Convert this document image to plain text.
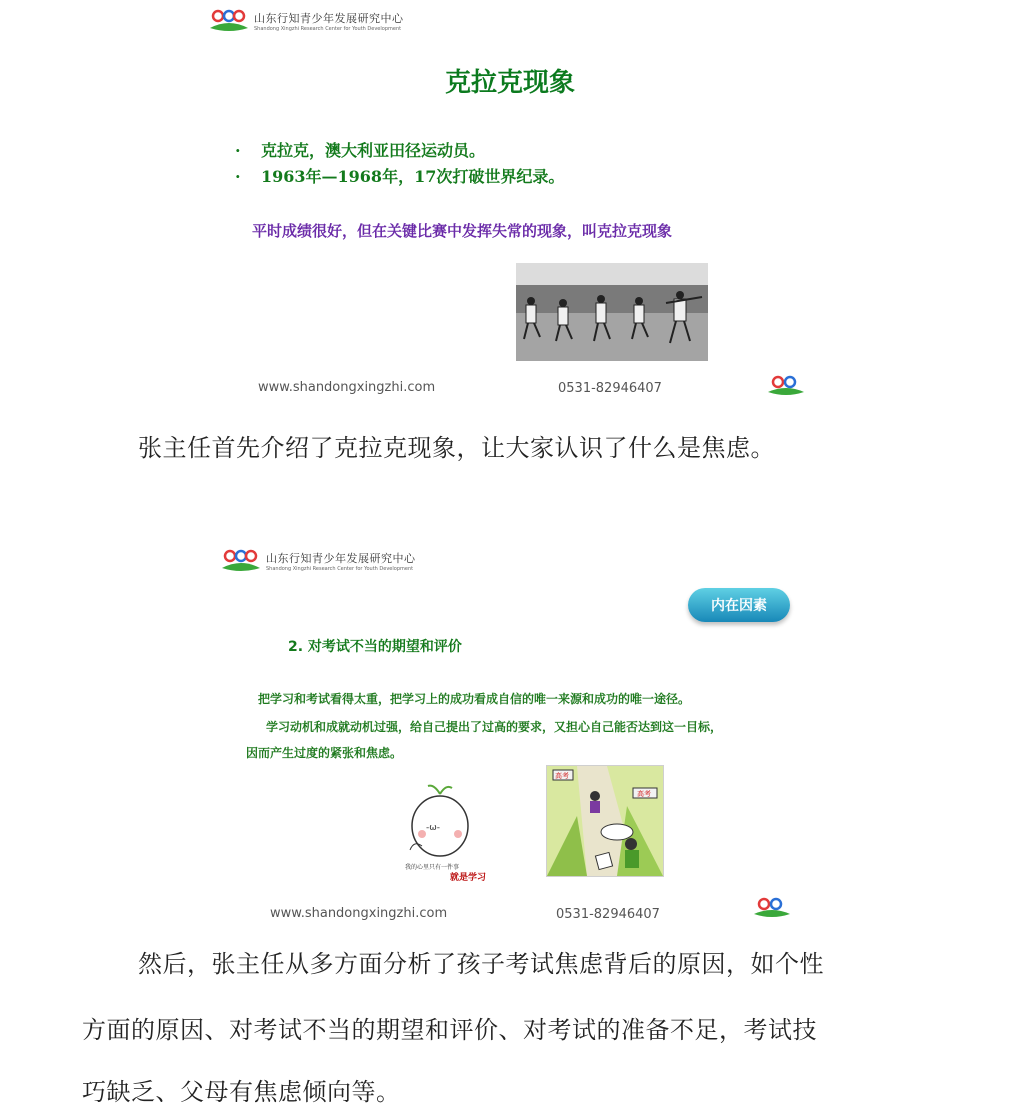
山东行知青少年发展研究中心
Shandong Xingzhi Research Center for Youth Development
克拉克现象
·	克拉克，澳大利亚田径运动员。
·	1963年—1968年，17次打破世界纪录。
平时成绩很好，但在关键比赛中发挥失常的现象，叫克拉克现象
www.shandongxingzhi.com	0531-82946407
张主任首先介绍了克拉克现象，让大家认识了什么是焦虑。
山东行知青少年发展研究中心
Shandong Xingzhi Research Center for Youth Development
内在因素
2. 对考试不当的期望和评价
把学习和考试看得太重，把学习上的成功看成自信的唯一来源和成功的唯一途径。
学习动机和成就动机过强，给自己提出了过高的要求，又担心自己能否达到这一目标，
因而产生过度的紧张和焦虑。
-ω-
我的心里只有一件事
就是学习
高考
高考
www.shandongxingzhi.com	0531-82946407
然后，张主任从多方面分析了孩子考试焦虑背后的原因，如个性
方面的原因、对考试不当的期望和评价、对考试的准备不足，考试技
巧缺乏、父母有焦虑倾向等。
